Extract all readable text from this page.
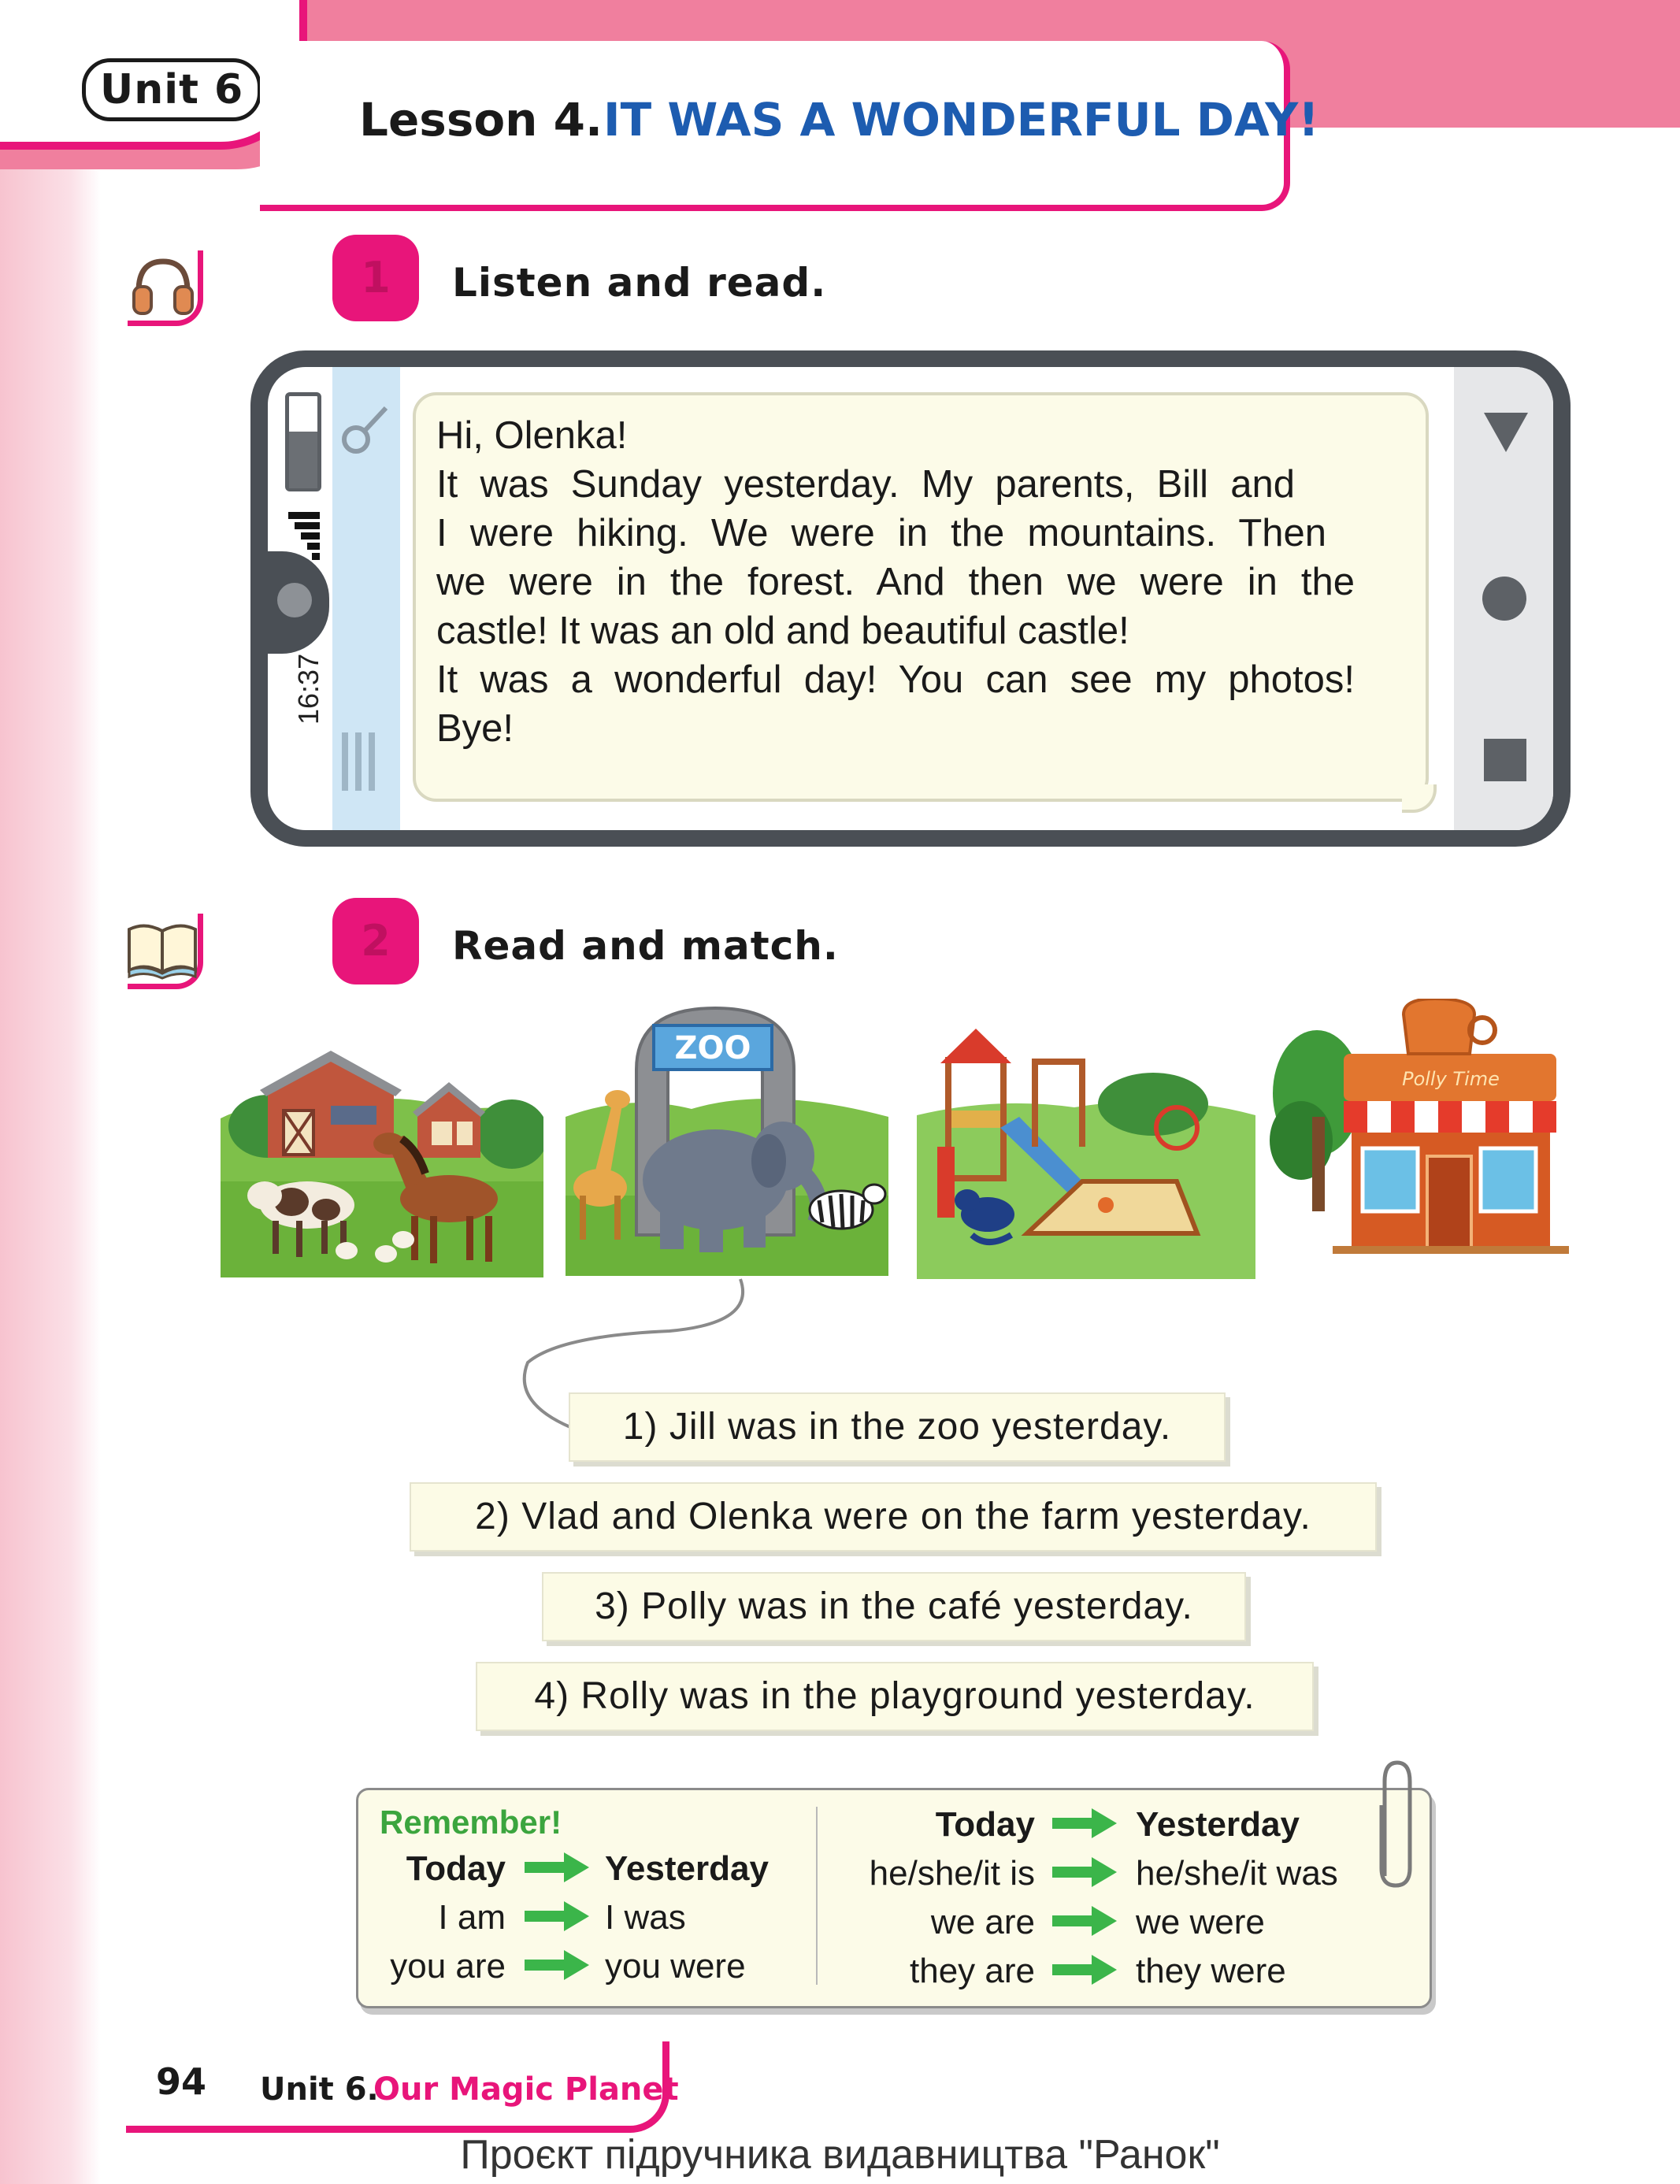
Unit 6
Lesson 4. IT WAS A WONDERFUL DAY!
1	Listen and read.
16:37
Hi, Olenka!
It was Sunday yesterday. My parents, Bill and
I were hiking. We were in the mountains. Then
we were in the forest. And then we were in the
castle! It was an old and beautiful castle!
It was a wonderful day! You can see my photos!
Bye!
2	Read and match.
ZOO
Polly Time
1) Jill was in the zoo yesterday.
2) Vlad and Olenka were on the farm yesterday.
3) Polly was in the café yesterday.
4) Rolly was in the playground yesterday.
Remember!
Today	Yesterday
I am	I was
you are	you were
Today	Yesterday
he/she/it is	he/she/it was
we are	we were
they are	they were
94 Unit 6.
Our Magic Planet
Проєкт підручника видавництва "Ранок"
